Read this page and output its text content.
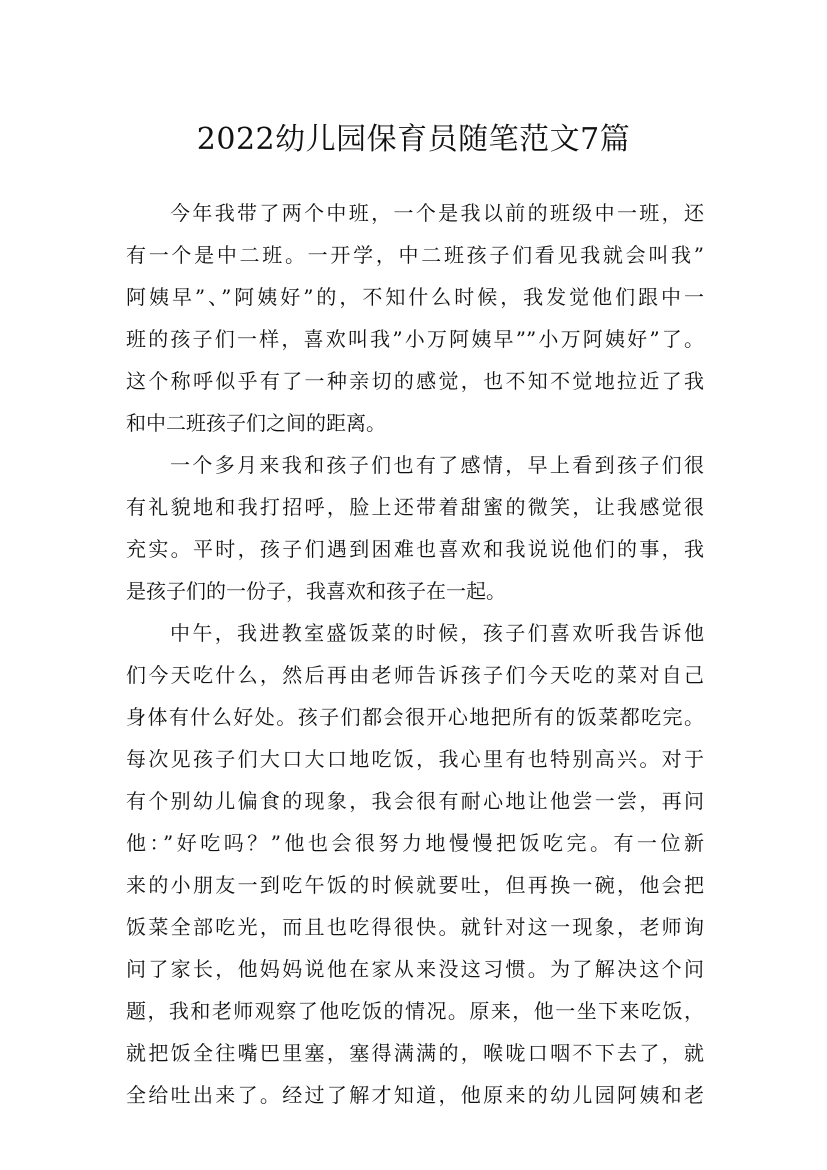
2022幼儿园保育员随笔范文7篇
今年我带了两个中班，一个是我以前的班级中一班，还
有一个是中二班。一开学，中二班孩子们看见我就会叫我”
阿姨早”、”阿姨好”的，不知什么时候，我发觉他们跟中一
班的孩子们一样，喜欢叫我”小万阿姨早””小万阿姨好”了。
这个称呼似乎有了一种亲切的感觉，也不知不觉地拉近了我
和中二班孩子们之间的距离。
一个多月来我和孩子们也有了感情，早上看到孩子们很
有礼貌地和我打招呼，脸上还带着甜蜜的微笑，让我感觉很
充实。平时，孩子们遇到困难也喜欢和我说说他们的事，我
是孩子们的一份子，我喜欢和孩子在一起。
中午，我进教室盛饭菜的时候，孩子们喜欢听我告诉他
们今天吃什么，然后再由老师告诉孩子们今天吃的菜对自己
身体有什么好处。孩子们都会很开心地把所有的饭菜都吃完。
每次见孩子们大口大口地吃饭，我心里有也特别高兴。对于
有个别幼儿偏食的现象，我会很有耐心地让他尝一尝，再问
他：”好吃吗？”他也会很努力地慢慢把饭吃完。有一位新
来的小朋友一到吃午饭的时候就要吐，但再换一碗，他会把
饭菜全部吃光，而且也吃得很快。就针对这一现象，老师询
问了家长，他妈妈说他在家从来没这习惯。为了解决这个问
题，我和老师观察了他吃饭的情况。原来，他一坐下来吃饭，
就把饭全往嘴巴里塞，塞得满满的，喉咙口咽不下去了，就
全给吐出来了。经过了解才知道，他原来的幼儿园阿姨和老
